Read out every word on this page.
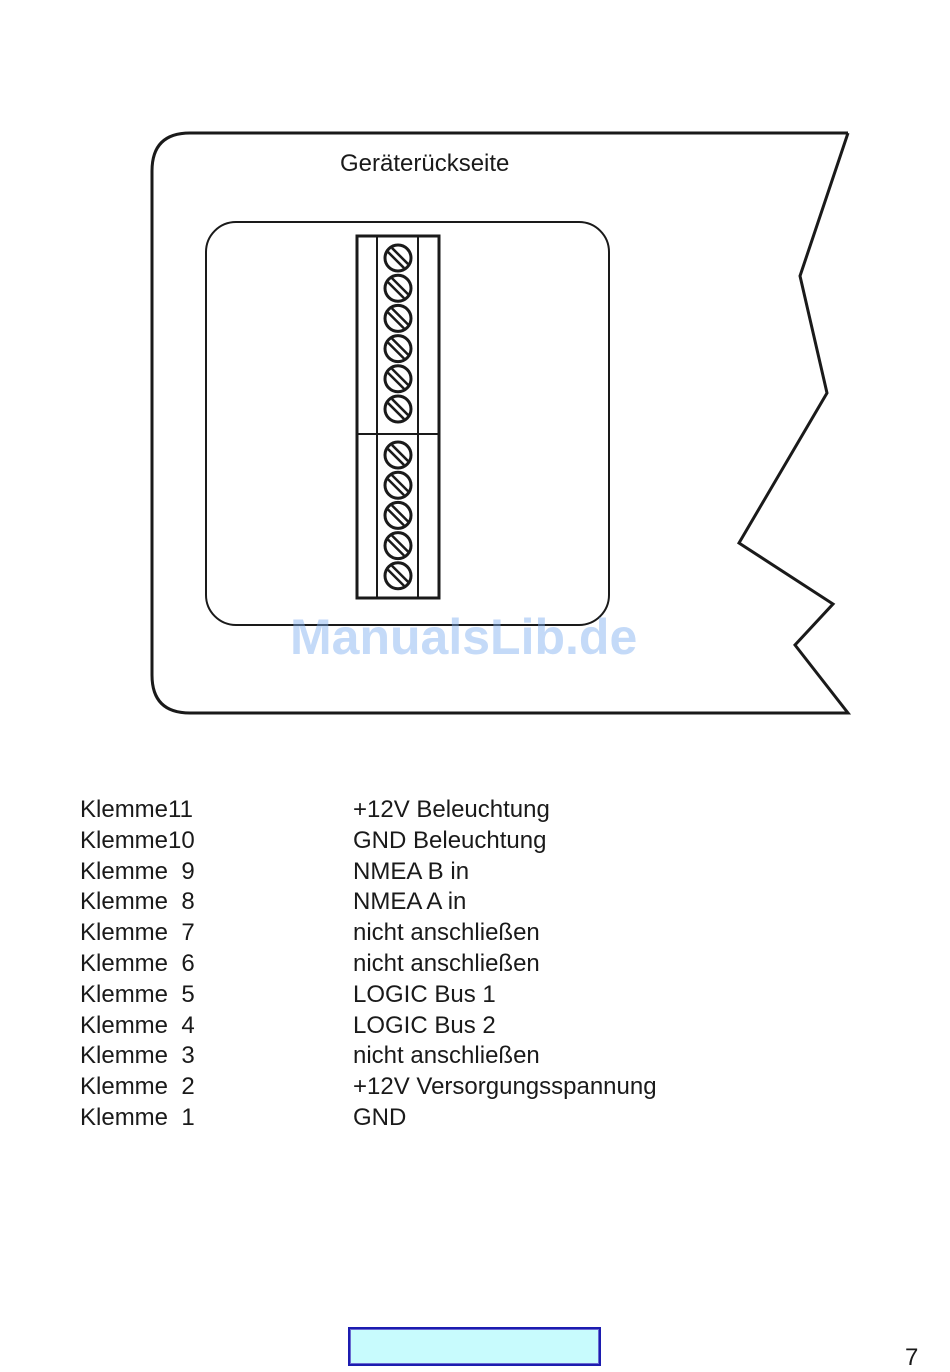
Geräterückseite
ManualsLib.de
Klemme11	+12V Beleuchtung
Klemme10	GND Beleuchtung
Klemme  9	NMEA B in
Klemme  8	NMEA A in
Klemme  7	nicht anschließen
Klemme  6	nicht anschließen
Klemme  5	LOGIC Bus 1
Klemme  4	LOGIC Bus 2
Klemme  3	nicht anschließen
Klemme  2	+12V Versorgungsspannung
Klemme  1	GND
7
